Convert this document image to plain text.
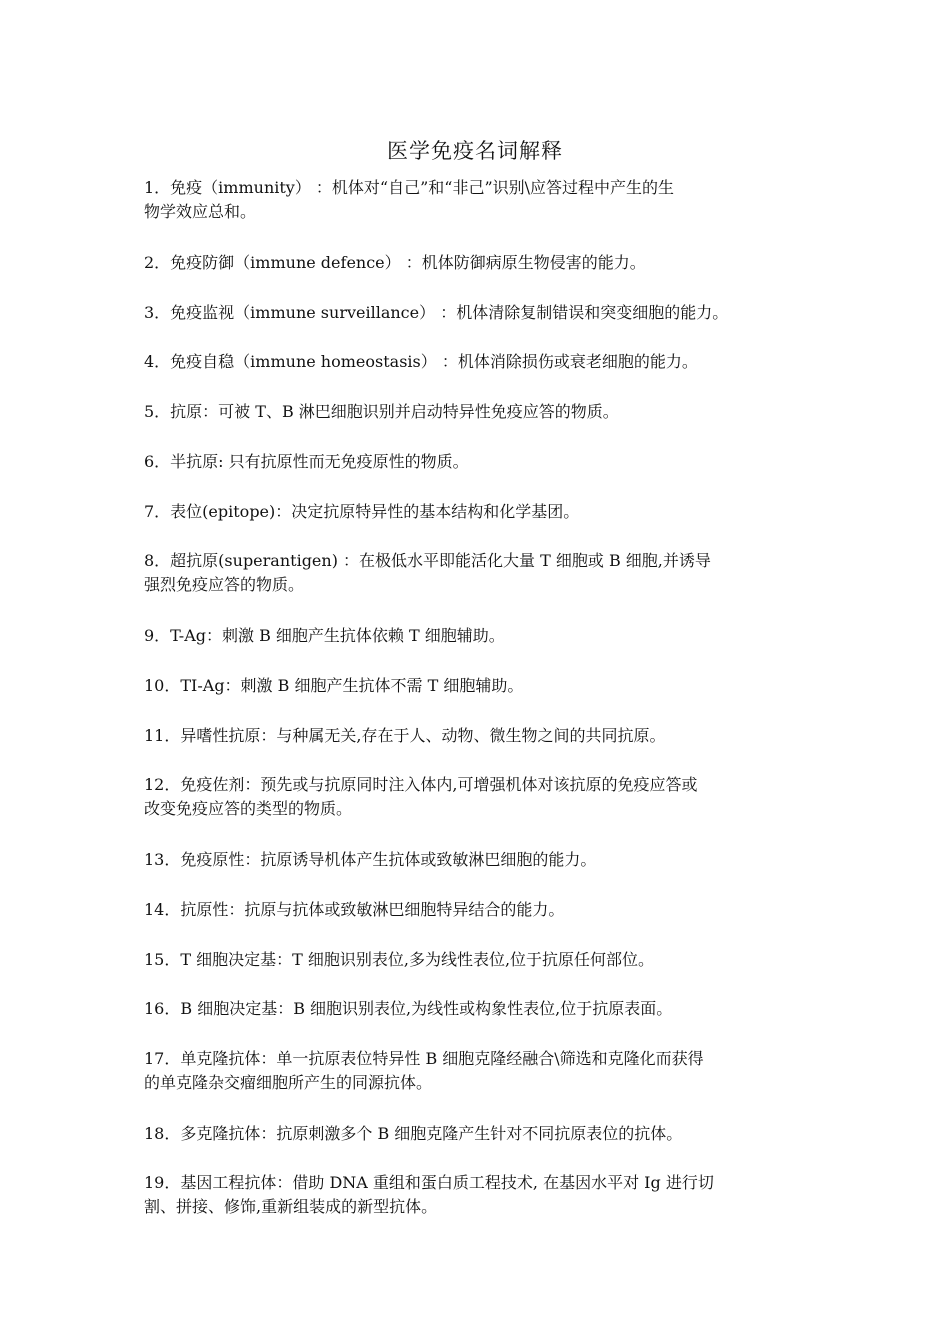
医学免疫名词解释
1．免疫（immunity） ：机体对“自己”和“非己”识别\应答过程中产生的生
物学效应总和。
2．免疫防御（immune defence） ：机体防御病原生物侵害的能力。
3．免疫监视（immune surveillance） ：机体清除复制错误和突变细胞的能力。
4．免疫自稳（immune homeostasis） ：机体消除损伤或衰老细胞的能力。
5．抗原：可被 T、B 淋巴细胞识别并启动特异性免疫应答的物质。
6．半抗原: 只有抗原性而无免疫原性的物质。
7．表位(epitope)：决定抗原特异性的基本结构和化学基团。
8．超抗原(superantigen) ：在极低水平即能活化大量 T 细胞或 B 细胞,并诱导
强烈免疫应答的物质。
9．T-Ag：刺激 B 细胞产生抗体依赖 T 细胞辅助。
10．TI-Ag：刺激 B 细胞产生抗体不需 T 细胞辅助。
11．异嗜性抗原：与种属无关,存在于人、动物、微生物之间的共同抗原。
12．免疫佐剂：预先或与抗原同时注入体内,可增强机体对该抗原的免疫应答或
改变免疫应答的类型的物质。
13．免疫原性：抗原诱导机体产生抗体或致敏淋巴细胞的能力。
14．抗原性：抗原与抗体或致敏淋巴细胞特异结合的能力。
15．T 细胞决定基：T 细胞识别表位,多为线性表位,位于抗原任何部位。
16．B 细胞决定基：B 细胞识别表位,为线性或构象性表位,位于抗原表面。
17．单克隆抗体：单一抗原表位特异性 B 细胞克隆经融合\筛选和克隆化而获得
的单克隆杂交瘤细胞所产生的同源抗体。
18．多克隆抗体：抗原刺激多个 B 细胞克隆产生针对不同抗原表位的抗体。
19．基因工程抗体：借助 DNA 重组和蛋白质工程技术, 在基因水平对 Ig 进行切
割、拼接、修饰,重新组装成的新型抗体。
